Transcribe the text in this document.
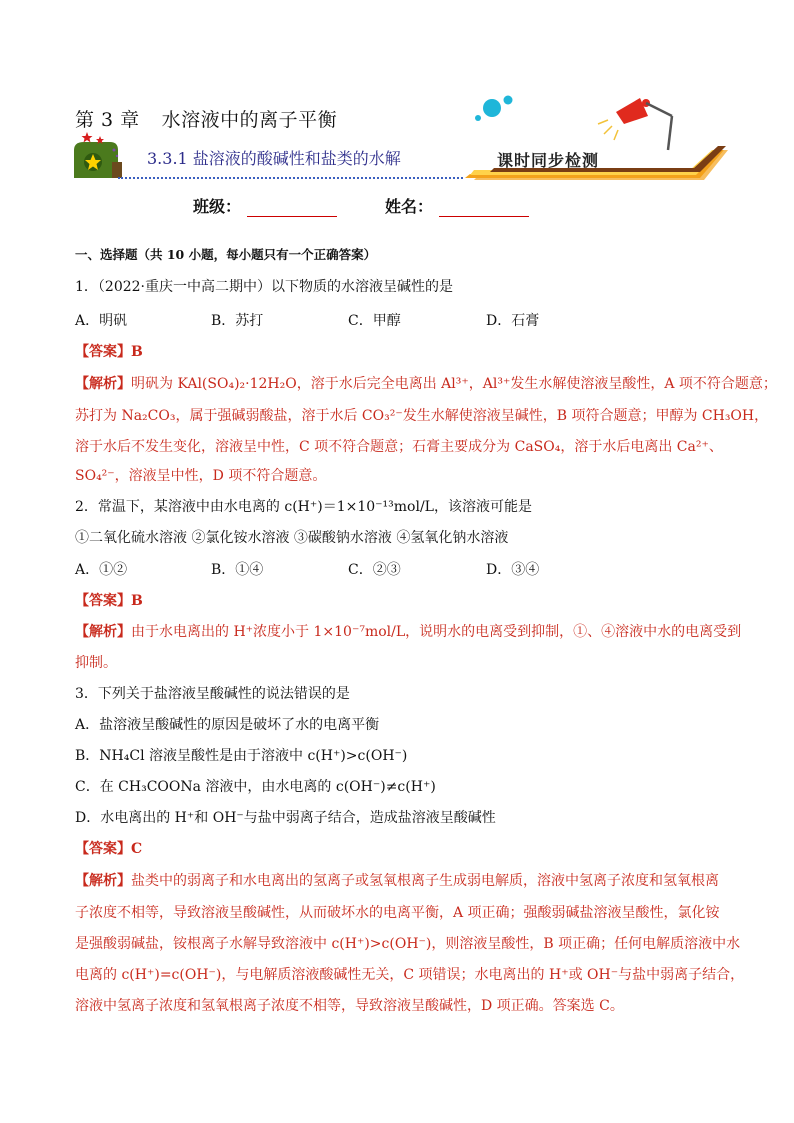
第 3 章 水溶液中的离子平衡
3.3.1 盐溶液的酸碱性和盐类的水解	课时同步检测
班级：	姓名：
一、选择题（共 10 小题，每小题只有一个正确答案）
1．（2022·重庆一中高二期中）以下物质的水溶液呈碱性的是
A．明矾	B．苏打	C．甲醇	D．石膏
【答案】B
【解析】明矾为 KAl(SO₄)₂·12H₂O，溶于水后完全电离出 Al³⁺，Al³⁺发生水解使溶液呈酸性，A 项不符合题意；
苏打为 Na₂CO₃，属于强碱弱酸盐，溶于水后 CO₃²⁻发生水解使溶液呈碱性，B 项符合题意；甲醇为 CH₃OH，
溶于水后不发生变化，溶液呈中性，C 项不符合题意；石膏主要成分为 CaSO₄，溶于水后电离出 Ca²⁺、
SO₄²⁻，溶液呈中性，D 项不符合题意。
2．常温下，某溶液中由水电离的 c(H⁺)＝1×10⁻¹³mol/L，该溶液可能是
①二氧化硫水溶液 ②氯化铵水溶液 ③碳酸钠水溶液 ④氢氧化钠水溶液
A．①②	B．①④	C．②③	D．③④
【答案】B
【解析】由于水电离出的 H⁺浓度小于 1×10⁻⁷mol/L，说明水的电离受到抑制，①、④溶液中水的电离受到
抑制。
3．下列关于盐溶液呈酸碱性的说法错误的是
A．盐溶液呈酸碱性的原因是破坏了水的电离平衡
B．NH₄Cl 溶液呈酸性是由于溶液中 c(H⁺)>c(OH⁻)
C．在 CH₃COONa 溶液中，由水电离的 c(OH⁻)≠c(H⁺)
D．水电离出的 H⁺和 OH⁻与盐中弱离子结合，造成盐溶液呈酸碱性
【答案】C
【解析】盐类中的弱离子和水电离出的氢离子或氢氧根离子生成弱电解质，溶液中氢离子浓度和氢氧根离
子浓度不相等，导致溶液呈酸碱性，从而破坏水的电离平衡，A 项正确；强酸弱碱盐溶液呈酸性，氯化铵
是强酸弱碱盐，铵根离子水解导致溶液中 c(H⁺)>c(OH⁻)，则溶液呈酸性，B 项正确；任何电解质溶液中水
电离的 c(H⁺)=c(OH⁻)，与电解质溶液酸碱性无关，C 项错误；水电离出的 H⁺或 OH⁻与盐中弱离子结合，
溶液中氢离子浓度和氢氧根离子浓度不相等，导致溶液呈酸碱性，D 项正确。答案选 C。
